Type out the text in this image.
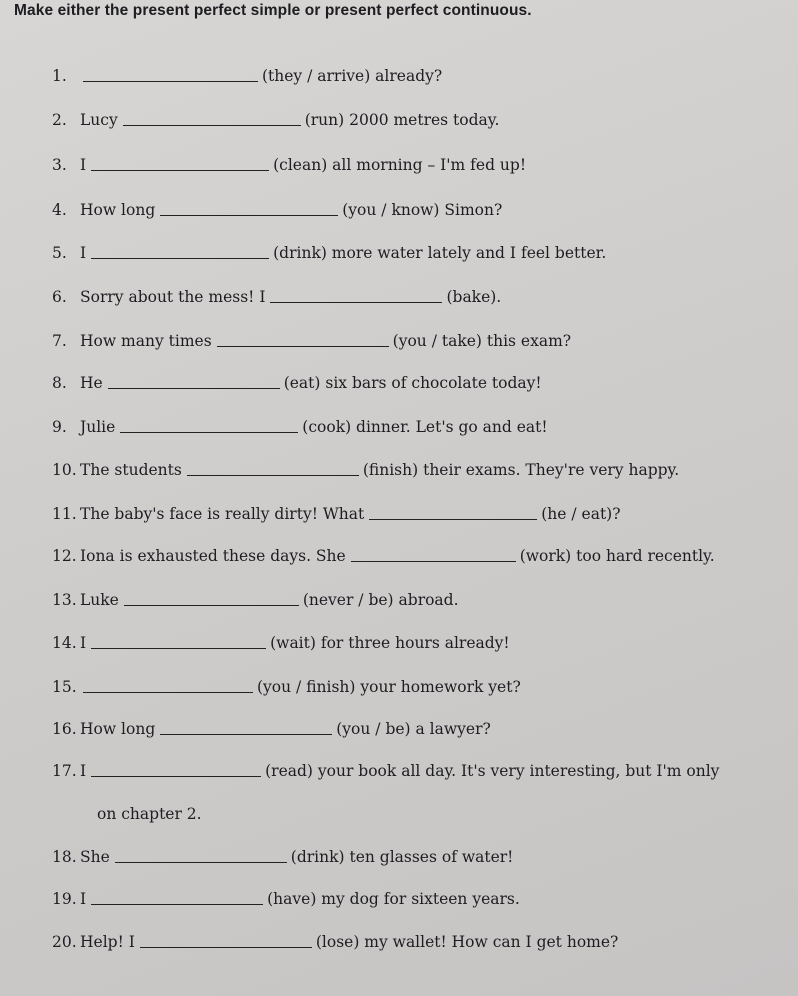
Make either the present perfect simple or present perfect continuous.
1.	(they / arrive) already?
2. Lucy	(run) 2000 metres today.
3. I	(clean) all morning – I'm fed up!
4. How long	(you / know) Simon?
5. I	(drink) more water lately and I feel better.
6. Sorry about the mess! I	(bake).
7. How many times	(you / take) this exam?
8. He	(eat) six bars of chocolate today!
9. Julie	(cook) dinner. Let's go and eat!
10. The students	(finish) their exams. They're very happy.
11. The baby's face is really dirty! What	(he / eat)?
12. Iona is exhausted these days. She	(work) too hard recently.
13. Luke	(never / be) abroad.
14. I	(wait) for three hours already!
15.	(you / finish) your homework yet?
16. How long	(you / be) a lawyer?
17. I	(read) your book all day. It's very interesting, but I'm only
on chapter 2.
18. She	(drink) ten glasses of water!
19. I	(have) my dog for sixteen years.
20. Help! I	(lose) my wallet! How can I get home?
